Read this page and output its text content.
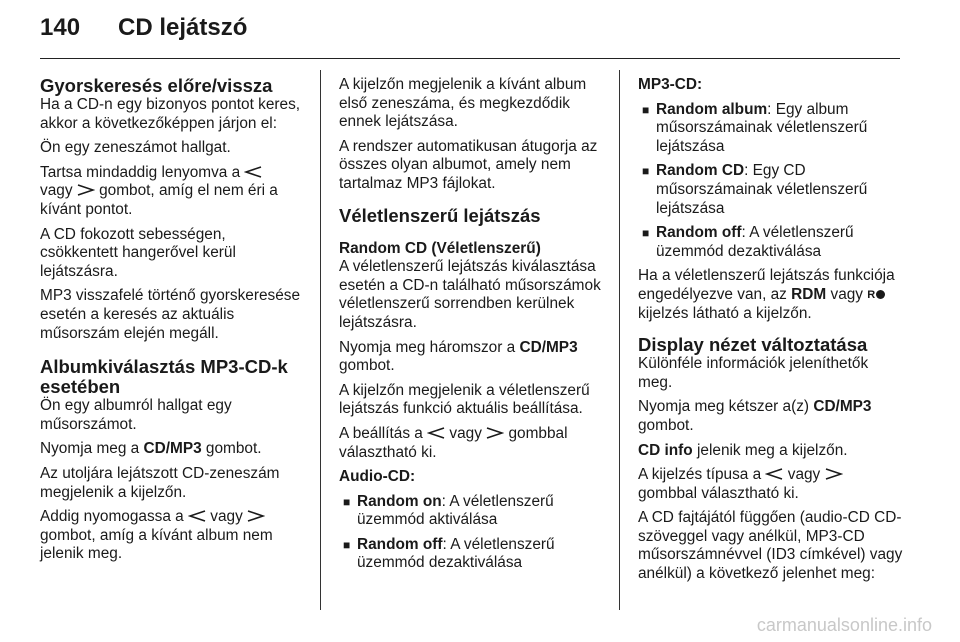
140	CD lejátszó
Gyorskeresés előre/vissza

Ha a CD-n egy bizonyos pontot keres, akkor a következőképpen járjon el:

Ön egy zeneszámot hallgat.

Tartsa mindaddig lenyomva a
vagy  gombot, amíg el nem éri a kívánt pontot.

A CD fokozott sebességen, csökkentett hangerővel kerül lejátszásra.

MP3 visszafelé történő gyorskeresése esetén a keresés az aktuális műsorszám elején megáll.

Albumkiválasztás MP3-CD-k esetében

Ön egy albumról hallgat egy műsorszámot.

Nyomja meg a CD/MP3 gombot.

Az utoljára lejátszott CD-zeneszám megjelenik a kijelzőn.

Addig nyomogassa a  vagy  gombot, amíg a kívánt album nem jelenik meg.

A kijelzőn megjelenik a kívánt album első zeneszáma, és megkezdődik ennek lejátszása.

A rendszer automatikusan átugorja az összes olyan albumot, amely nem tartalmaz MP3 fájlokat.

Véletlenszerű lejátszás
Random CD (Véletlenszerű)

A véletlenszerű lejátszás kiválasztása esetén a CD-n található műsorszámok véletlenszerű sorrendben kerülnek lejátszásra.

Nyomja meg háromszor a CD/MP3 gombot.

A kijelzőn megjelenik a véletlenszerű lejátszás funkció aktuális beállítása.

A beállítás a  vagy  gombbal választható ki.

Audio-CD:
■ Random on: A véletlenszerű üzemmód aktiválása
■ Random off: A véletlenszerű üzemmód dezaktiválása
MP3-CD:
■ Random album: Egy album műsorszámainak véletlenszerű lejátszása
■ Random CD: Egy CD műsorszámainak véletlenszerű lejátszása
■ Random off: A véletlenszerű üzemmód dezaktiválása

Ha a véletlenszerű lejátszás funkciója engedélyezve van, az RDM vagy R kijelzés látható a kijelzőn.

Display nézet változtatása

Különféle információk jeleníthetők meg.

Nyomja meg kétszer a(z) CD/MP3 gombot.

CD info jelenik meg a kijelzőn.

A kijelzés típusa a  vagy
gombbal választható ki.

A CD fajtájától függően (audio-CD CD-szöveggel vagy anélkül, MP3-CD műsorszámnévvel (ID3 címkével) vagy anélkül) a következő jelenhet meg:

carmanualsonline.info
